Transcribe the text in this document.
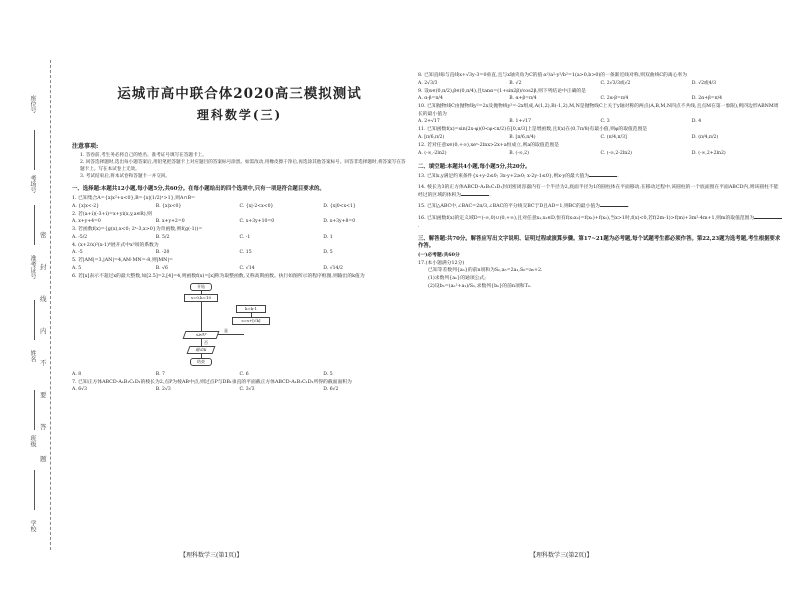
学校
班级
姓名
准考证号
考场号
座位号
密
封
线
内
不
要
答
题
运城市高中联合体2020高三模拟测试
理科数学(三)
注意事项:

1. 答卷前,考生务必将自己的姓名、准考证号填写在答题卡上。

2. 回答选择题时,选出每小题答案后,用铅笔把答题卡上对应题目的答案标号涂黑。如需改动,用橡皮擦干净后,再选涂其他答案标号。回答非选择题时,将答案写在答题卡上。写在本试卷上无效。

3. 考试结束后,将本试卷和答题卡一并交回。

一、选择题:本题共12小题,每小题5分,共60分。在每小题给出的四个选项中,只有一项是符合题目要求的。
1. 已知集合A={x|x²+x<0},B={x|(1/2)ˣ>1},则A∩B=
A. {x|x<-2}	B. {x|x<0}	C. {x|-2<x<0}	D. {x|0<x<1}
2. 若(a+i)(-3+i)=x+yi(x,y,a∈R),则
A. x+y+4=0	B. x+y+2=0	C. x+3y+10=0	D. x+3y+8=0
3. 若函数f(x)={g(x),x<0; 2ˣ-3,x>0}为奇函数,则f(g(-1))=
A. -5/2	B. 5/2	C. -1	D. 1
4. (x+2/x)²(x-1)⁶展开式中x³项的系数为
A. -5	B. -20	C. 15	D. 5
5. 若|AM|=3,|AN|=4,AM·MN=-8,则|MN|=
A. 5	B. √6	C. √14	D. √14/2
6. 若[x]表示不超过x的最大整数,如[2.5]=2,[4]=4,则函数f(x)=[x]称为取整函数,又称高斯函数。执行如图所示的程序框图,则输出的k值为
开始
s=0,k=10
s≥0?
是
k=k-1
s=s+[√k]
否
输出k
结束
A. 8	B. 7	C. 6	D. 5
7. 已知正方体ABCD-A₁B₁C₁D₁的棱长为2,点P为棱AB中点,则过点P与DB₁垂直的平面截正方体ABCD-A₁B₁C₁D₁所得的截面面积为
A. 6√3	B. 2√3	C. 3√3	D. 6√2
8. 已知直线l与直线x+√3y-3=0垂直,且与x轴夹角为C的值:x²/a²-y²/b²=1(a>0,b>0)的一条渐近线对称,则双曲线C的离心率为
A. 2√3/3	B. √2	C. 2√3/3或√2	D. √2或4/3
9. 设α∈(0,π/2),β∈(0,π/4),且tanα=(1+sin2β)/cos2β,则下列结论中正确的是
A. α-β=π/4	B. α+β=π/4	C. 2α-β=π/4	D. 2α+β=π/4
10. 已知抛物线C由抛物线y²=2x及抛物线y²=-2x组成,A(1,2),B(-1,2),M,N是抛物线C上关于y轴对称的两点(A,B,M,N四点不共线,且点M在第一象限),则四边形ABNM周长的最小值为
A. 2+√17	B. 1+√17	C. 3	D. 4
11. 已知函数f(x)=sin(2x-φ)(0<φ<π/2)在[0,π/3]上是增函数,且f(x)在(0,7π/8)有最小值,则φ的取值范围是
A. [π/6,π/2)	B. [π/6,π/4)	C. (π/4,π/3]	D. (π/4,π/2)
12. 若对任意x∈(0,+∞),xeˣ-2lnx>2x+a恒成立,则a的取值范围是
A. (-∞,-2ln2)	B. (-∞,2)	C. (-∞,2-2ln2)	D. (-∞,2+2ln2)
二、填空题:本题共4小题,每小题5分,共20分。
13. 已知x,y满足约束条件{x+y-2≤0; 3x-y+2≥0; x-2y-1≤0},则x-y的最大值为	.
14. 棱长为3的正方体ABCD-A₁B₁C₁D₁封闭密闭容器内有一个半径为2,底面半径为1的圆柱体在平面移动,在移动过程中,该圆柱的一个底面围在平面ABCD内,则该圆柱不能经过的区域的体积为	.
15. 已知△ABC中,∠BAC=2π/3,∠BAC的平分线交BC于D且AD=1,则BC的最小值为	.
16. 已知函数f(x)的定义域D=(-∞,0)∪(0,+∞),且对任意x₁,x₂∈D,恒有f(x₁x₂)=f(x₁)+f(x₂),当x>1时,f(x)<0,若f(2m-1)>f(m)+3m²-4m+1,则m的取值范围为.
三、解答题:共70分。解答应写出文字说明、证明过程或演算步骤。第17~21题为必考题,每个试题考生都必须作答。第22,23题为选考题,考生根据要求作答。
(一)必考题:共60分
17.(本小题满分12分)
已知等差数列{aₙ}的前n项和为Sₙ,a₅=2a₁,S₆=a₆+2.
(1)求数列{aₙ}的通项公式;
(2)设bₙ=(aₙ²+a₁)/Sₙ,求数列{bₙ}的前n项和Tₙ.
【理科数学三(第1页)】	【理科数学三(第2页)】
